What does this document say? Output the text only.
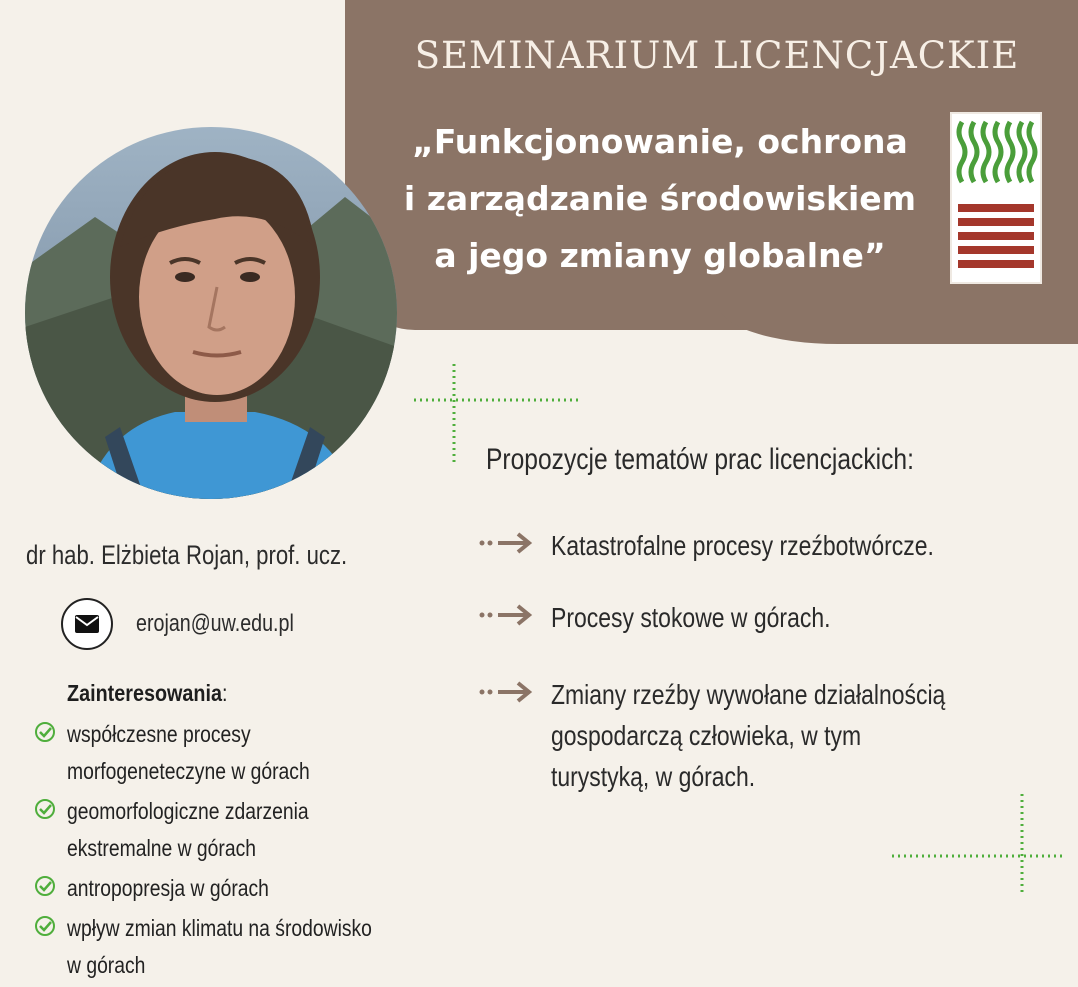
SEMINARIUM LICENCJACKIE
„Funkcjonowanie, ochrona
i zarządzanie środowiskiem
a jego zmiany globalne”
dr hab. Elżbieta Rojan, prof. ucz.
erojan@uw.edu.pl
Zainteresowania:
współczesne procesy
morfogeneteczyne w górach
geomorfologiczne zdarzenia
ekstremalne w górach
antropopresja w górach
wpływ zmian klimatu na środowisko
w górach
Propozycje tematów prac licencjackich:
Katastrofalne procesy rzeźbotwórcze.
Procesy stokowe w górach.
Zmiany rzeźby wywołane działalnością
gospodarczą człowieka, w tym
turystyką, w górach.
